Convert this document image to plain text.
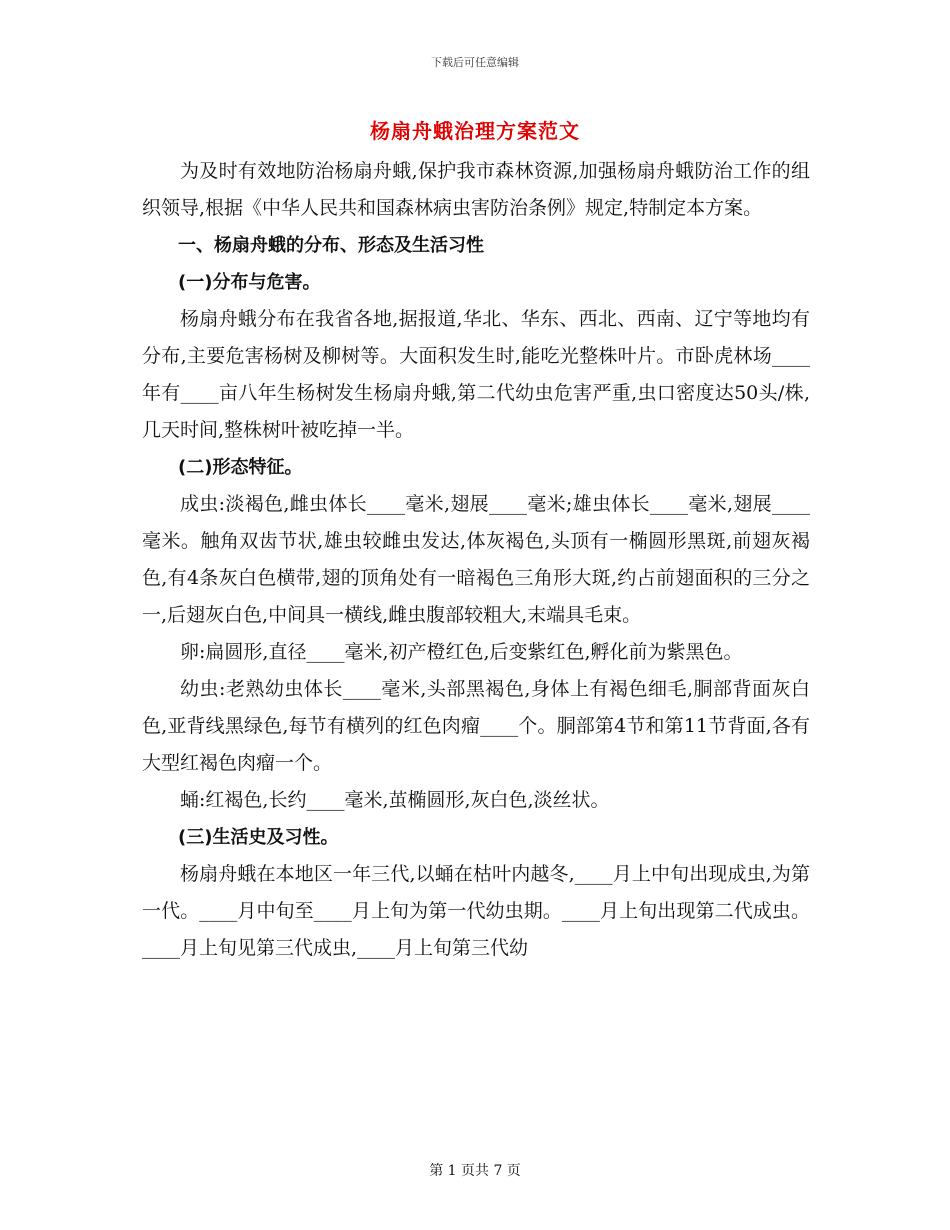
下载后可任意编辑
杨扇舟蛾治理方案范文

为及时有效地防治杨扇舟蛾,保护我市森林资源,加强杨扇舟蛾防治工作的组织领导,根据《中华人民共和国森林病虫害防治条例》规定,特制定本方案。

一、杨扇舟蛾的分布、形态及生活习性

(一)分布与危害。

杨扇舟蛾分布在我省各地,据报道,华北、华东、西北、西南、辽宁等地均有分布,主要危害杨树及柳树等。大面积发生时,能吃光整株叶片。市卧虎林场____年有____亩八年生杨树发生杨扇舟蛾,第二代幼虫危害严重,虫口密度达50头/株,几天时间,整株树叶被吃掉一半。

(二)形态特征。

成虫:淡褐色,雌虫体长____毫米,翅展____毫米;雄虫体长____毫米,翅展____毫米。触角双齿节状,雄虫较雌虫发达,体灰褐色,头顶有一椭圆形黑斑,前翅灰褐色,有4条灰白色横带,翅的顶角处有一暗褐色三角形大斑,约占前翅面积的三分之一,后翅灰白色,中间具一横线,雌虫腹部较粗大,末端具毛束。

卵:扁圆形,直径____毫米,初产橙红色,后变紫红色,孵化前为紫黑色。

幼虫:老熟幼虫体长____毫米,头部黑褐色,身体上有褐色细毛,胴部背面灰白色,亚背线黑绿色,每节有横列的红色肉瘤____个。胴部第4节和第11节背面,各有大型红褐色肉瘤一个。

蛹:红褐色,长约____毫米,茧椭圆形,灰白色,淡丝状。

(三)生活史及习性。

杨扇舟蛾在本地区一年三代,以蛹在枯叶内越冬,____月上中旬出现成虫,为第一代。____月中旬至____月上旬为第一代幼虫期。____月上旬出现第二代成虫。____月上旬见第三代成虫,____月上旬第三代幼

第 1 页共 7 页
